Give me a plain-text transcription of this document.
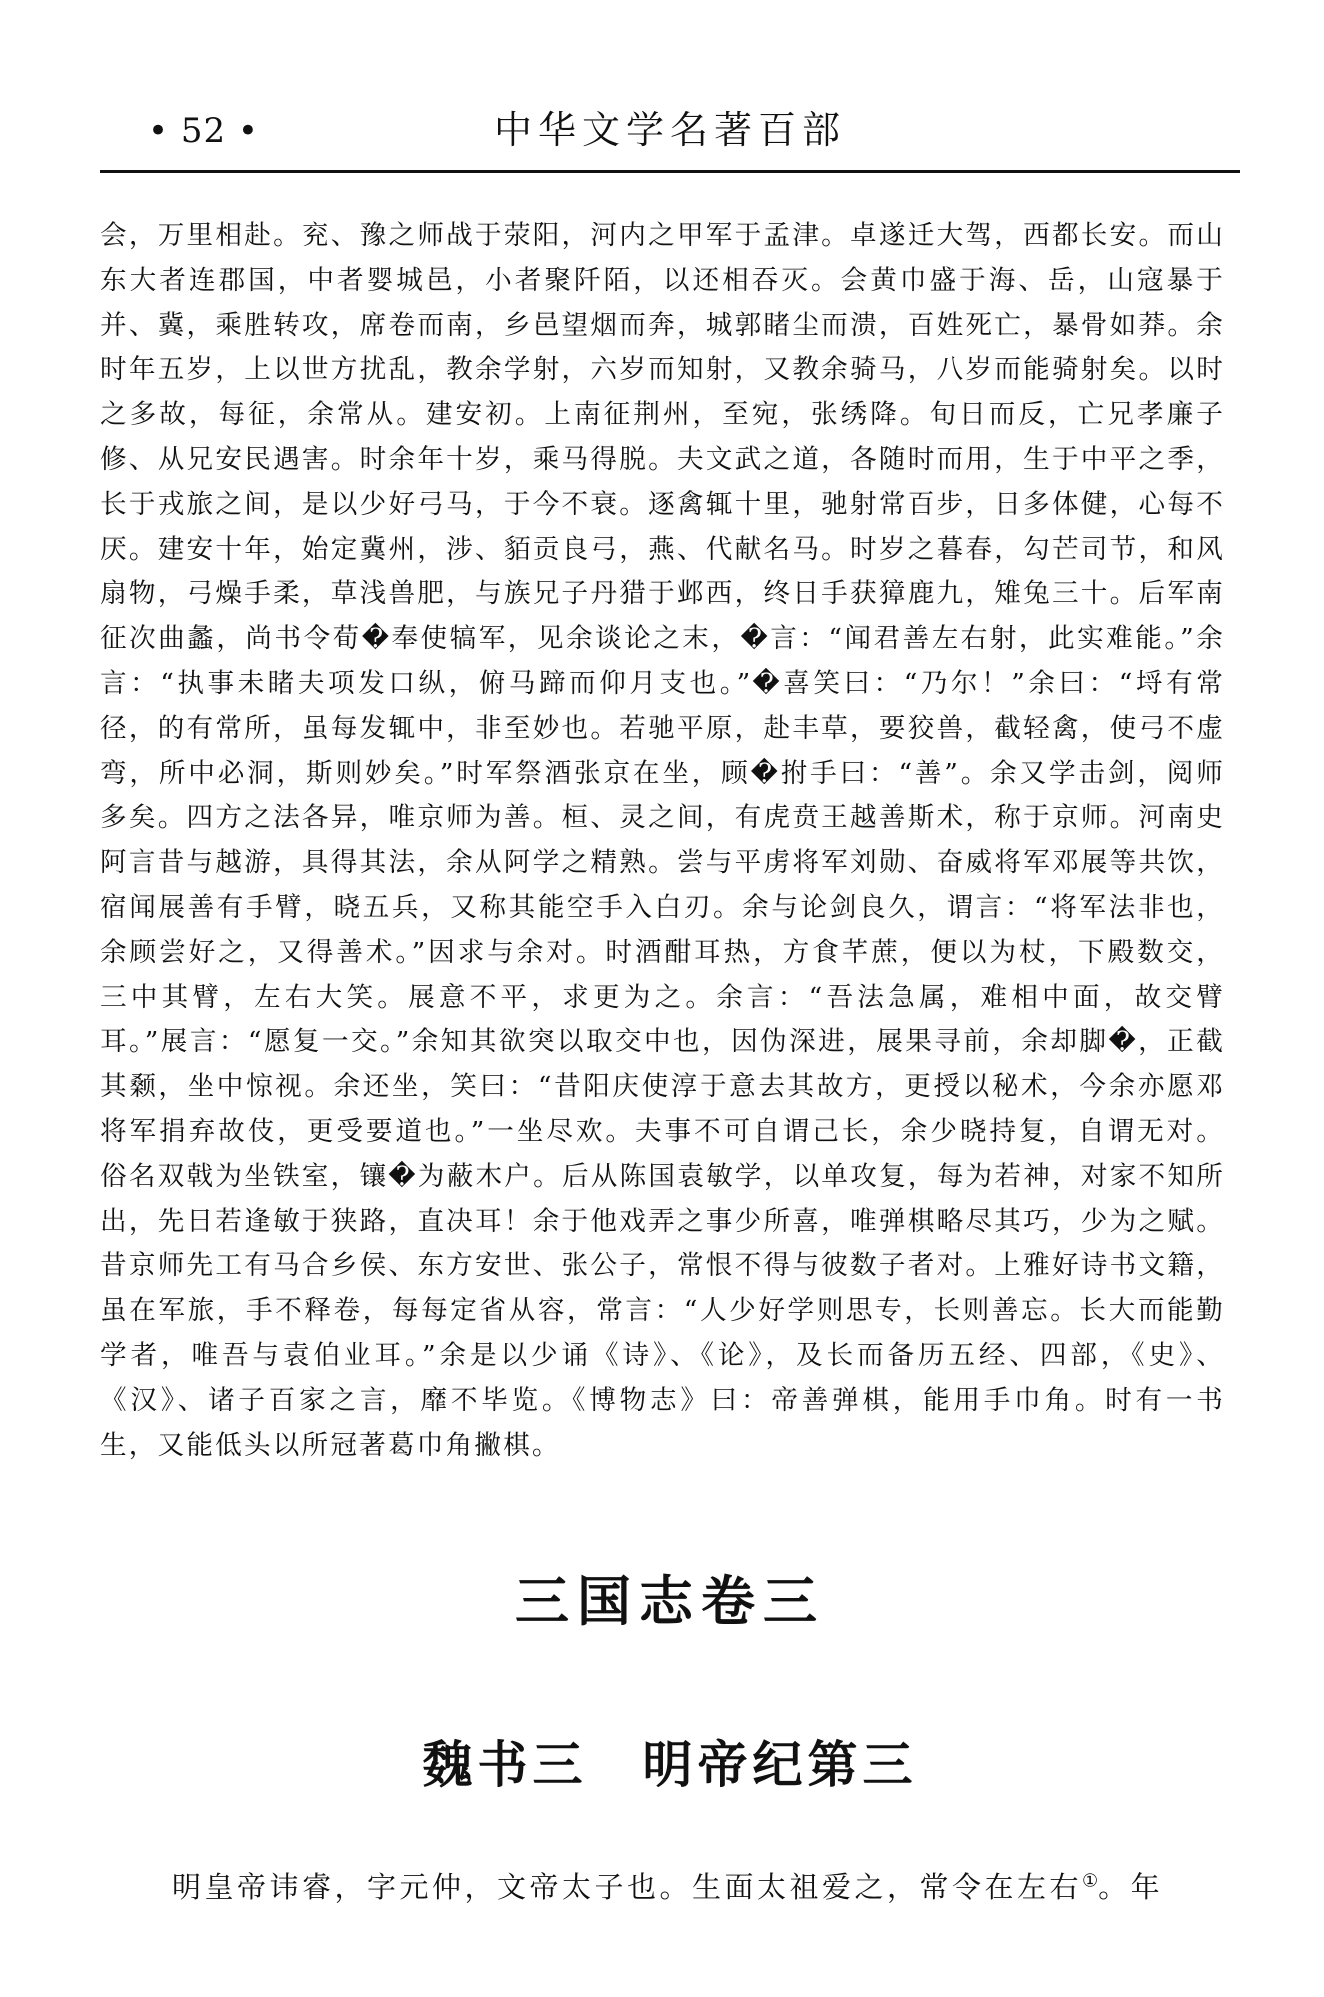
• 52 •	中华文学名著百部

会，万里相赴。兖、豫之师战于荥阳，河内之甲军于孟津。卓遂迁大驾，西都长安。而山东大者连郡国，中者婴城邑，小者聚阡陌，以还相吞灭。会黄巾盛于海、岳，山寇暴于并、冀，乘胜转攻，席卷而南，乡邑望烟而奔，城郭睹尘而溃，百姓死亡，暴骨如莽。余时年五岁，上以世方扰乱，教余学射，六岁而知射，又教余骑马，八岁而能骑射矣。以时之多故，每征，余常从。建安初。上南征荆州，至宛，张绣降。旬日而反，亡兄孝廉子修、从兄安民遇害。时余年十岁，乘马得脱。夫文武之道，各随时而用，生于中平之季，长于戎旅之间，是以少好弓马，于今不衰。逐禽辄十里，驰射常百步，日多体健，心每不厌。建安十年，始定冀州，涉、貊贡良弓，燕、代献名马。时岁之暮春，勾芒司节，和风扇物，弓燥手柔，草浅兽肥，与族兄子丹猎于邺西，终日手获獐鹿九，雉兔三十。后军南征次曲蠡，尚书令荀�奉使犒军，见余谈论之末，�言：“闻君善左右射，此实难能。”余言：“执事未睹夫项发口纵，俯马蹄而仰月支也。”�喜笑曰：“乃尔！”余曰：“埒有常径，的有常所，虽每发辄中，非至妙也。若驰平原，赴丰草，要狡兽，截轻禽，使弓不虚弯，所中必洞，斯则妙矣。”时军祭酒张京在坐，顾�拊手曰：“善”。余又学击剑，阅师多矣。四方之法各异，唯京师为善。桓、灵之间，有虎贲王越善斯术，称于京师。河南史阿言昔与越游，具得其法，余从阿学之精熟。尝与平虏将军刘勋、奋威将军邓展等共饮，宿闻展善有手臂，晓五兵，又称其能空手入白刃。余与论剑良久，谓言：“将军法非也，余顾尝好之，又得善术。”因求与余对。时酒酣耳热，方食芊蔗，便以为杖，下殿数交，三中其臂，左右大笑。展意不平，求更为之。余言：“吾法急属，难相中面，故交臂耳。”展言：“愿复一交。”余知其欲突以取交中也，因伪深进，展果寻前，余却脚�，正截其颡，坐中惊视。余还坐，笑曰：“昔阳庆使淳于意去其故方，更授以秘术，今余亦愿邓将军捐弃故伎，更受要道也。”一坐尽欢。夫事不可自谓己长，余少晓持复，自谓无对。俗名双戟为坐铁室，镶�为蔽木户。后从陈国袁敏学，以单攻复，每为若神，对家不知所出，先日若逢敏于狭路，直决耳！余于他戏弄之事少所喜，唯弹棋略尽其巧，少为之赋。昔京师先工有马合乡侯、东方安世、张公子，常恨不得与彼数子者对。上雅好诗书文籍，虽在军旅，手不释卷，每每定省从容，常言：“人少好学则思专，长则善忘。长大而能勤学者，唯吾与袁伯业耳。”余是以少诵《诗》、《论》，及长而备历五经、四部，《史》、《汉》、诸子百家之言，靡不毕览。《博物志》曰：帝善弹棋，能用手巾角。时有一书生，又能低头以所冠著葛巾角撇棋。

三国志卷三
魏书三　明帝纪第三

明皇帝讳睿，字元仲，文帝太子也。生面太祖爱之，常令在左右①。年
